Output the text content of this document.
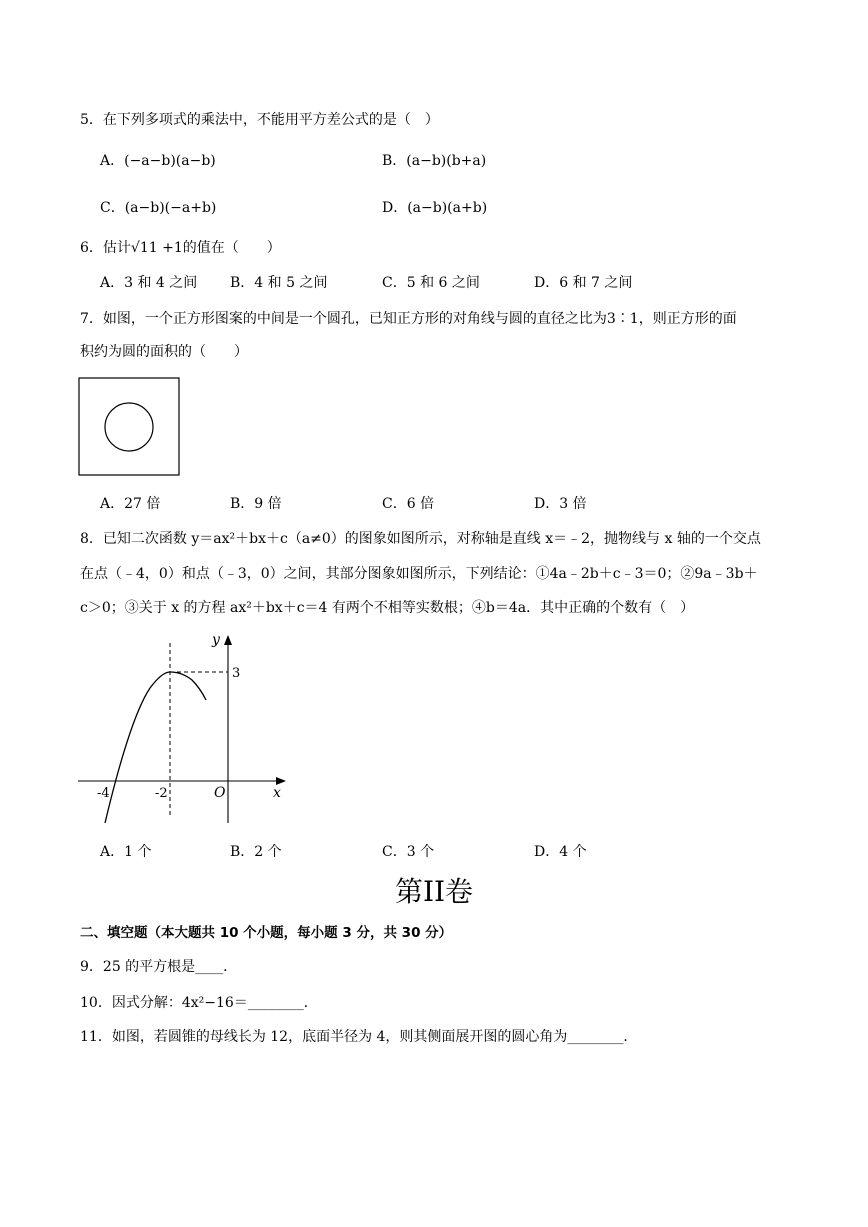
5．在下列多项式的乘法中，不能用平方差公式的是（　）
A．(−a−b)(a−b)	B．(a−b)(b+a)
C．(a−b)(−a+b)	D．(a−b)(a+b)
6．估计√11 +1的值在（　　）
A．3 和 4 之间 B．4 和 5 之间	C．5 和 6 之间	D．6 和 7 之间
7．如图，一个正方形图案的中间是一个圆孔，已知正方形的对角线与圆的直径之比为3∶1，则正方形的面
积约为圆的面积的（　　）
A．27 倍	B．9 倍	C．6 倍	D．3 倍
8．已知二次函数 y＝ax²＋bx＋c（a≠0）的图象如图所示，对称轴是直线 x＝﹣2，抛物线与 x 轴的一个交点
在点（﹣4，0）和点（﹣3，0）之间，其部分图象如图所示，下列结论：①4a﹣2b＋c﹣3＝0；②9a﹣3b＋
c＞0；③关于 x 的方程 ax²＋bx＋c＝4 有两个不相等实数根；④b＝4a．其中正确的个数有（　）
y
3
-4	-2	O	x
A．1 个	B．2 个	C．3 个	D．4 个
第II卷
二、填空题（本大题共 10 个小题，每小题 3 分，共 30 分）
9．25 的平方根是____．
10．因式分解：4x²−16＝________．
11．如图，若圆锥的母线长为 12，底面半径为 4，则其侧面展开图的圆心角为________．
